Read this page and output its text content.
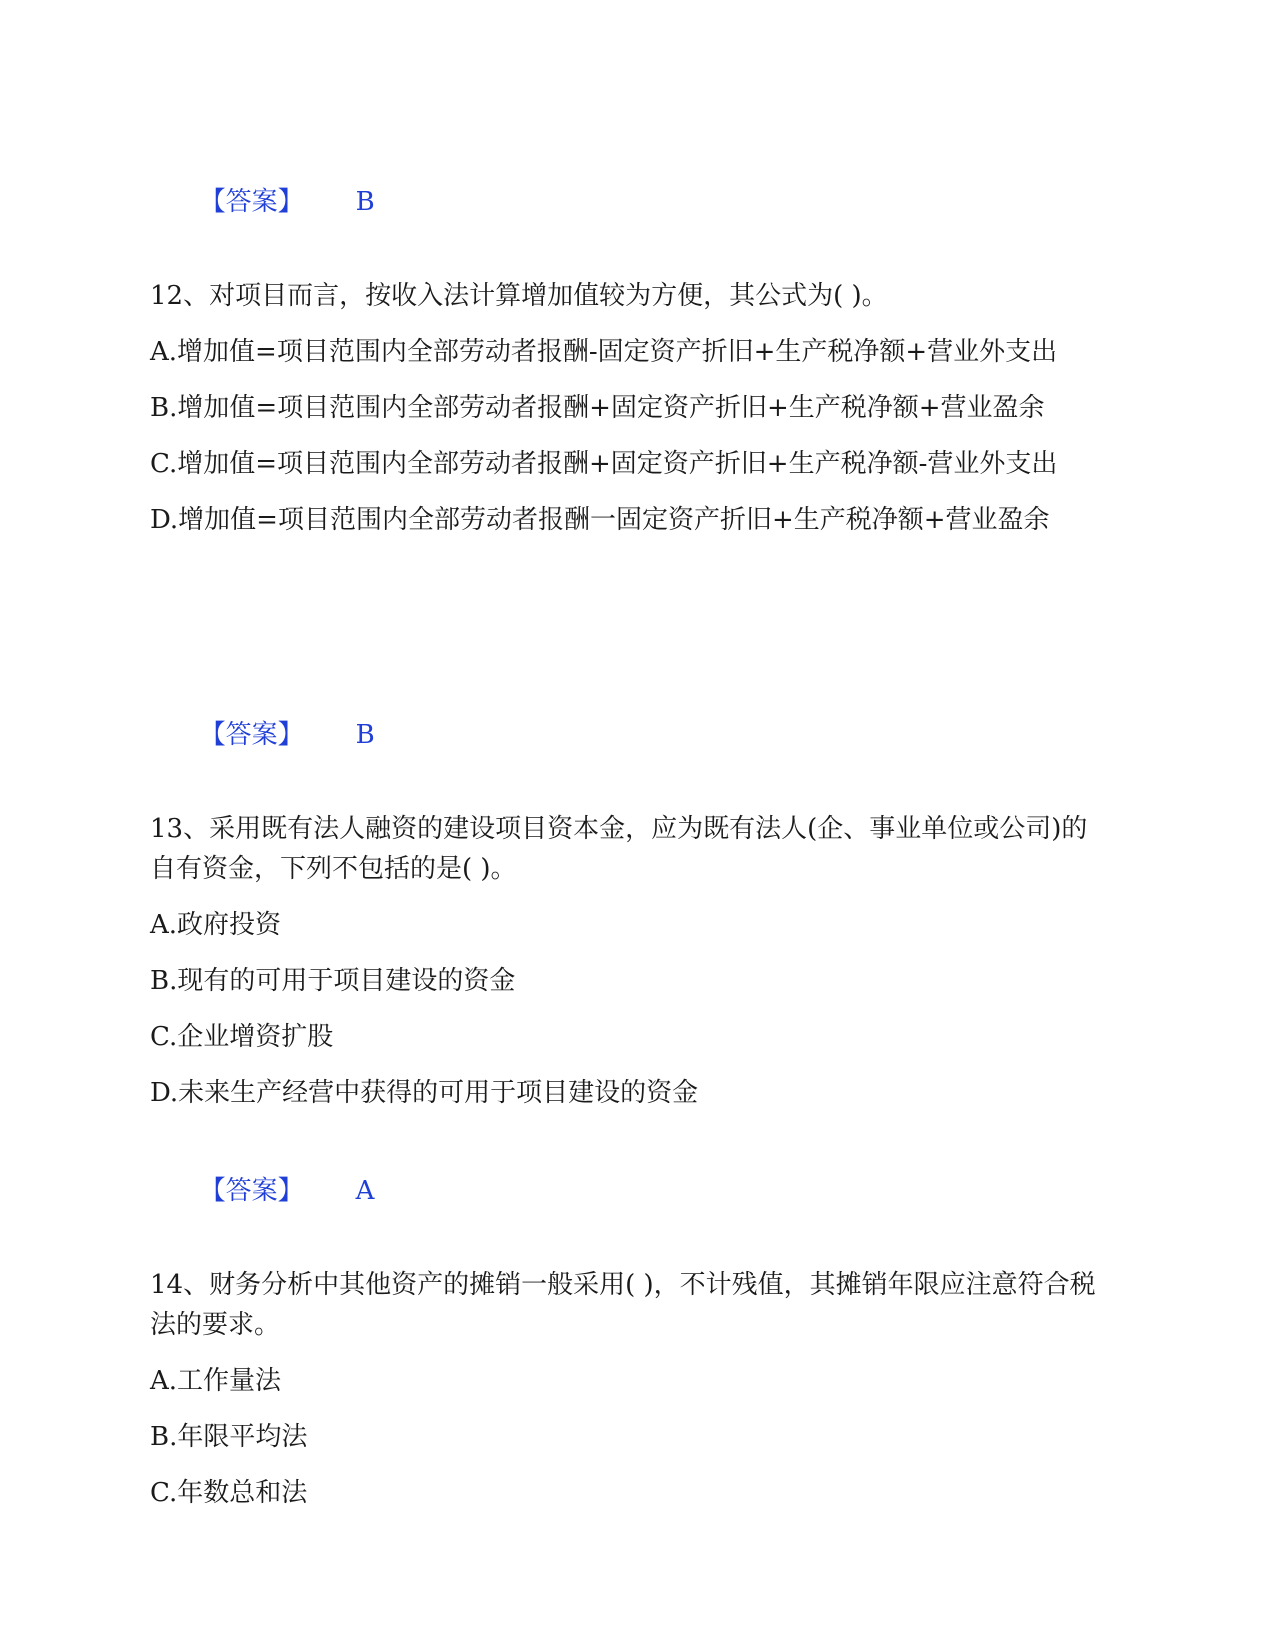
【答案】 B

12、对项目而言，按收入法计算增加值较为方便，其公式为( )。

A.增加值=项目范围内全部劳动者报酬-固定资产折旧+生产税净额+营业外支出

B.增加值=项目范围内全部劳动者报酬+固定资产折旧+生产税净额+营业盈余

C.增加值=项目范围内全部劳动者报酬+固定资产折旧+生产税净额-营业外支出

D.增加值=项目范围内全部劳动者报酬一固定资产折旧+生产税净额+营业盈余

【答案】 B

13、采用既有法人融资的建设项目资本金，应为既有法人(企、事业单位或公司)的自有资金，下列不包括的是( )。

A.政府投资

B.现有的可用于项目建设的资金

C.企业增资扩股

D.未来生产经营中获得的可用于项目建设的资金

【答案】 A

14、财务分析中其他资产的摊销一般采用( )，不计残值，其摊销年限应注意符合税法的要求。

A.工作量法

B.年限平均法

C.年数总和法
